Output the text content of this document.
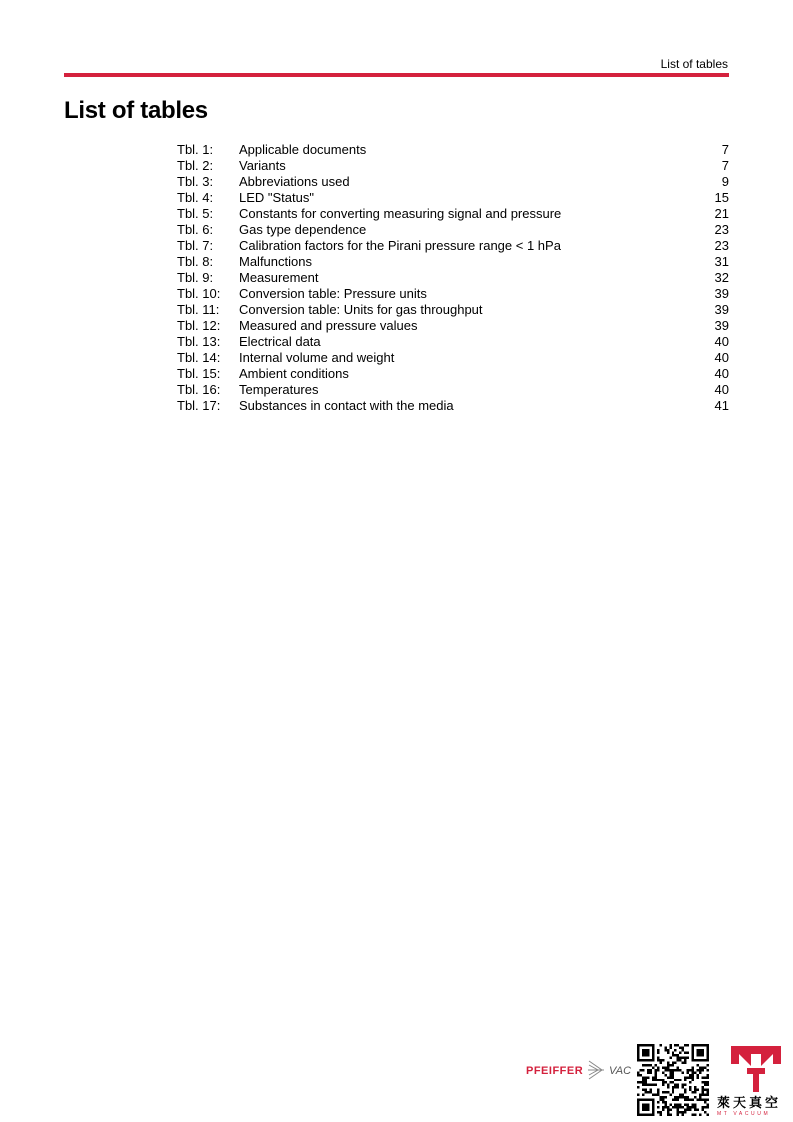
List of tables
List of tables
Tbl. 1:	Applicable documents	7
Tbl. 2:	Variants	7
Tbl. 3:	Abbreviations used	9
Tbl. 4:	LED "Status"	15
Tbl. 5:	Constants for converting measuring signal and pressure	21
Tbl. 6:	Gas type dependence	23
Tbl. 7:	Calibration factors for the Pirani pressure range < 1 hPa	23
Tbl. 8:	Malfunctions	31
Tbl. 9:	Measurement	32
Tbl. 10:	Conversion table: Pressure units	39
Tbl. 11:	Conversion table: Units for gas throughput	39
Tbl. 12:	Measured and pressure values	39
Tbl. 13:	Electrical data	40
Tbl. 14:	Internal volume and weight	40
Tbl. 15:	Ambient conditions	40
Tbl. 16:	Temperatures	40
Tbl. 17:	Substances in contact with the media	41
PFEIFFER VAC
萊天真空
MT VACUUM
